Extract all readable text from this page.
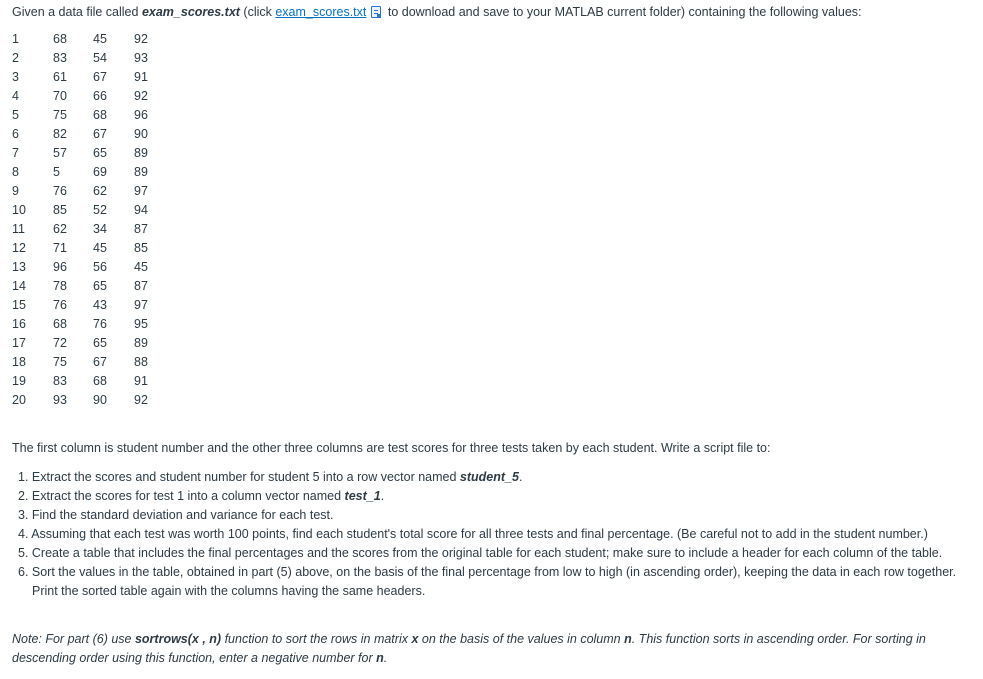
Given a data file called exam_scores.txt (click exam_scores.txt to download and save to your MATLAB current folder) containing the following values:
1	68 45 92
2	83 54 93
3	61 67 91
4	70 66 92
5	75 68 96
6	82 67 90
7	57 65 89
8	5	69 89
9	76 62 97
10 85 52 94
11 62 34 87
12 71 45 85
13 96 56 45
14 78 65 87
15 76 43 97
16 68 76 95
17 72 65 89
18 75 67 88
19 83 68 91
20 93 90 92
The first column is student number and the other three columns are test scores for three tests taken by each student. Write a script file to:
1. Extract the scores and student number for student 5 into a row vector named student_5.
2. Extract the scores for test 1 into a column vector named test_1.
3. Find the standard deviation and variance for each test.
4. Assuming that each test was worth 100 points, find each student's total score for all three tests and final percentage. (Be careful not to add in the student number.)
5. Create a table that includes the final percentages and the scores from the original table for each student; make sure to include a header for each column of the table.
6. Sort the values in the table, obtained in part (5) above, on the basis of the final percentage from low to high (in ascending order), keeping the data in each row together. Print the sorted table again with the columns having the same headers.
Note: For part (6) use sortrows(x , n) function to sort the rows in matrix x on the basis of the values in column n. This function sorts in ascending order. For sorting in descending order using this function, enter a negative number for n.
